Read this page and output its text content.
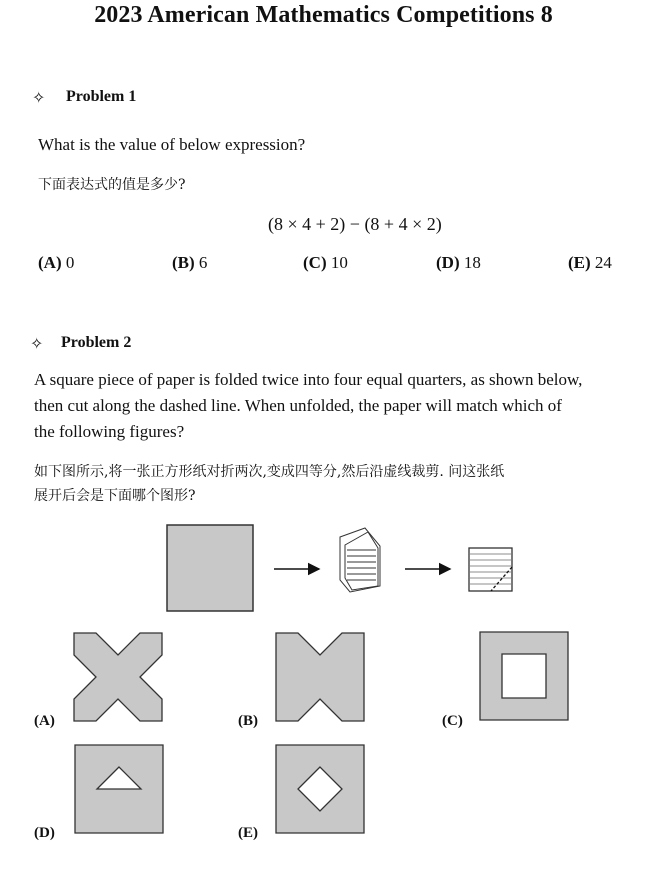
2023 American Mathematics Competitions 8
✧ Problem 1
What is the value of below expression?
下面表达式的值是多少?
(8 × 4 + 2) − (8 + 4 × 2)
(A) 0	(B) 6	(C) 10	(D) 18	(E) 24
✧ Problem 2
A square piece of paper is folded twice into four equal quarters, as shown below,
then cut along the dashed line. When unfolded, the paper will match which of
the following figures?
如下图所示,将一张正方形纸对折两次,变成四等分,然后沿虚线裁剪. 问这张纸
展开后会是下面哪个图形?
(A)	(B)	(C)
(D)	(E)
